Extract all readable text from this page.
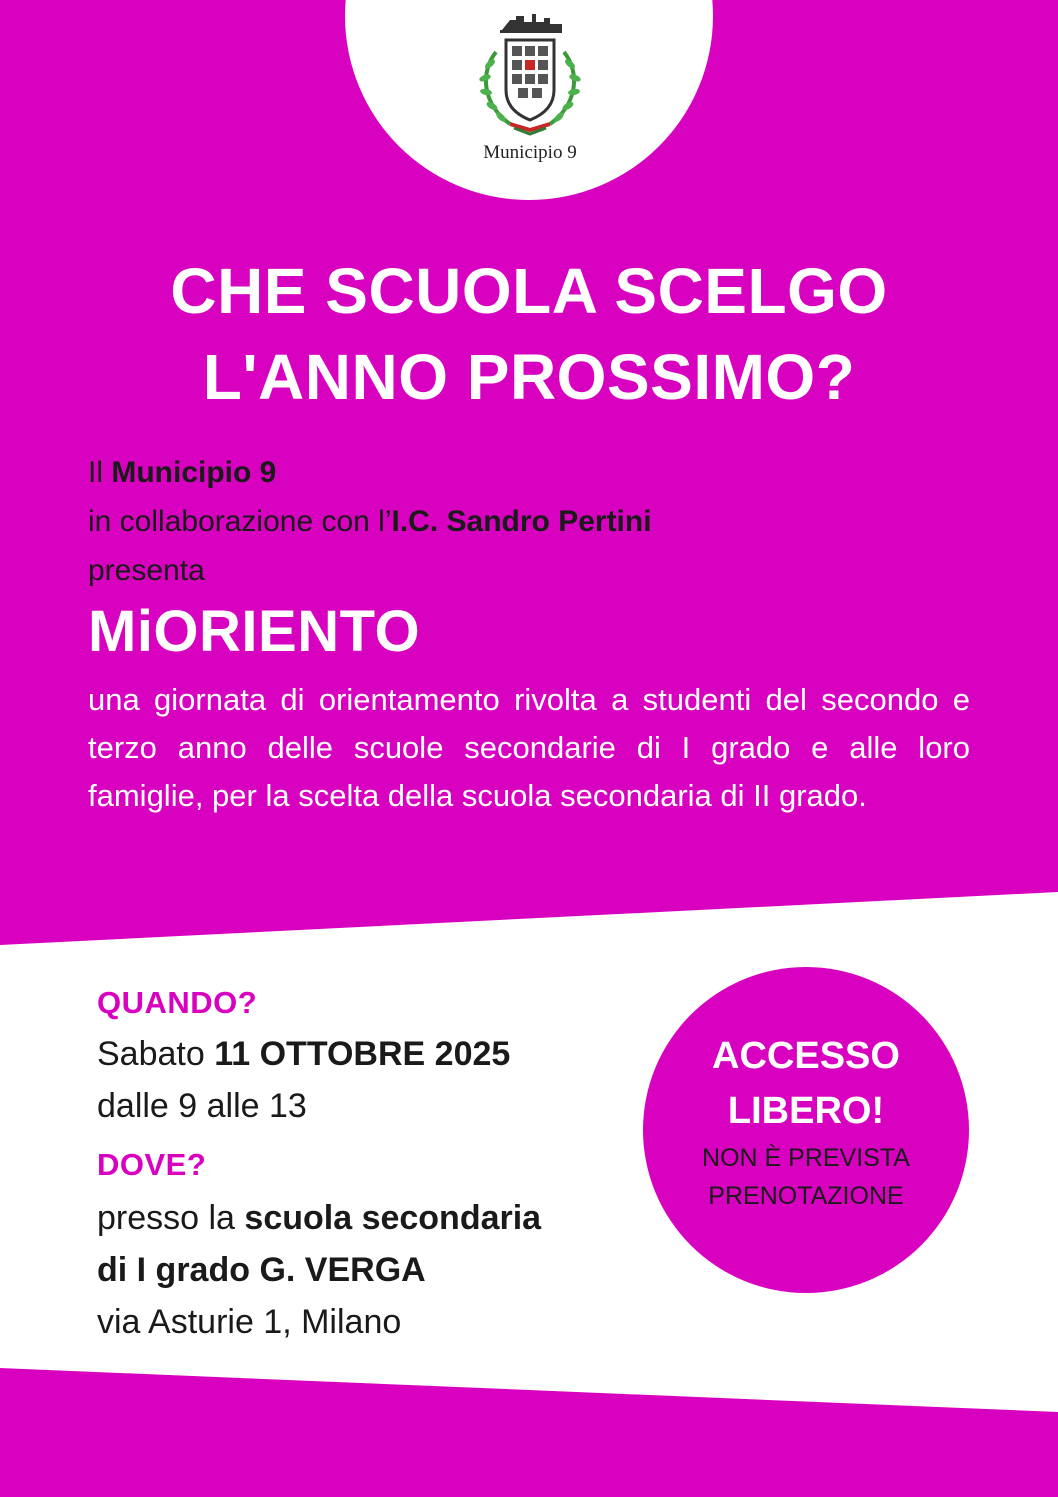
Municipio 9
CHE SCUOLA SCELGO
L'ANNO PROSSIMO?
Il Municipio 9
in collaborazione con l’I.C. Sandro Pertini
presenta
MiORIENTO
una giornata di orientamento rivolta a studenti del secondo e terzo anno delle scuole secondarie di I grado e alle loro famiglie, per la scelta della scuola secondaria di II grado.
QUANDO?
Sabato 11 OTTOBRE 2025
dalle 9 alle 13
DOVE?
presso la scuola secondaria
di I grado G. VERGA
via Asturie 1, Milano
ACCESSO
LIBERO!
NON È PREVISTA
PRENOTAZIONE
